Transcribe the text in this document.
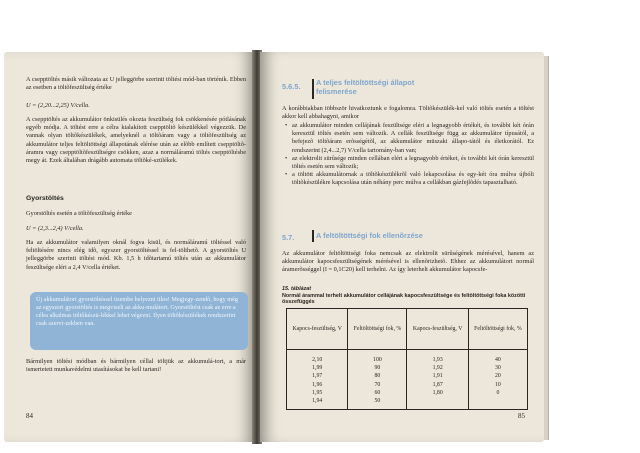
A csepptöltés másik változata az U jelleggörbe szerinti töltési mód-ban történik. Ebben az esetben a töltõfeszültség értéke

U = (2,20...2,25) V/cella.

A csepptöltés az akkumulátor önkisülés okozta feszültség fok csökkenésée pótlásának egyéb módja. A töltést erre a célra kialakított csepptöltõ készülékkel végezzük. De vannak olyan töltõkészülékek, amelyeknél a töltõáram vagy a töltõfeszültség az akkumulátor teljes feltöltöttségi állapotának elérése után az elõbb említett csepptöltõ-áramra vagy csepptöltõfeszültségre csökken, azaz a normáláramú töltés csepptöltésbe megy át. Ezek általában drágább automata töltõké-szülékek.

Gyorstöltés

Gyorstöltés esetén a töltõfeszültség értéke

U = (2,3...2,4) V/cella.

Ha az akkumulátor valamilyen oknál fogva kisül, és normáláramú töltéssel való feltöltésére nincs elég idõ, egyszer gyorstöltéssel is fel-tölthetõ. A gyorstöltés U jelleggörbe szerinti töltési mód. Kb. 1,5 h idõtartamú töltés után az akkumulátor feszültsége eléri a 2,4 V/cella értéket.

Új akkumulátort gyorstöltéssel üzembe helyezni tilos! Megjegy-zendõ, hogy még az egyszeri gyorstöltés is megviseli az akku-mulátort. Gyorstöltést csak az erre a célra alkalmas töltõkészü-lékkel lehet végezni. Ilyen töltõkészülékek rendszerint csak szervi-zekben van.

Bármilyen töltési módban és bármilyen céllal töltjük az akkumulá-tort, a már ismertetett munkavédelmi utasításokat be kell tartani!

84
5.6.5. A teljes feltöltöttségi állapot felismerése

A korábbiakban többször hivatkoztunk e fogalomra. Töltõkészülék-kel való töltés esetén a töltést akkor kell abbahagyni, amikor

• az akkumulátor minden cellájának feszültsége eléri a legnagyobb értékét, és további két órán keresztül töltés esetén sem változik. A cellák feszültsége függ az akkumulátor típusától, a befejezõ töltõáram erõsségétõl, az akkumulátor müszaki állapo-tától és életkorától. Ez rendszerint (2,4...2,7) V/cella tartomány-ban van;
• az elektrolit sürûsége minden cellában eléri a legnagyobb értéket, és további két órán keresztül töltés esetén sem változik;
• a töltött akkumulátornak a töltõkészülékrõl való lekapcsolása és egy-két óra múlva újbóli töltõkészülékre kapcsolása után néhány perc múlva a cellákban gázfejlõdés tapasztalható.
5.7.	A feltöltöttségi fok ellenõrzése

Az akkumulátor feltöltöttségi foka nemcsak az elektrolit sürûségének mérésével, hanem az akkumulátor kapocsfeszültségének mérésével is ellenõrizhetõ. Ehhez az akkumulátort normál áramerõsséggel (I = 0,1C20) kell terhelni. Az így leterhelt akkumulátor kapocsfe-

15. táblázat
Normál árammal terhelt akkumulátor cellájának kapocsfeszültsége és feltöltöttségi foka közötti összefüggés
Kapocs-feszültség, V	Feltöltöttségi fok, %	Kapocs-feszültség, V	Feltöltöttségi fok, %
2,10	100	1,93	40
1,99	90	1,92	30
1,97	80	1,91	20
1,96	70	1,87	10
1,95	60	1,80	0
1,94	50		
85
